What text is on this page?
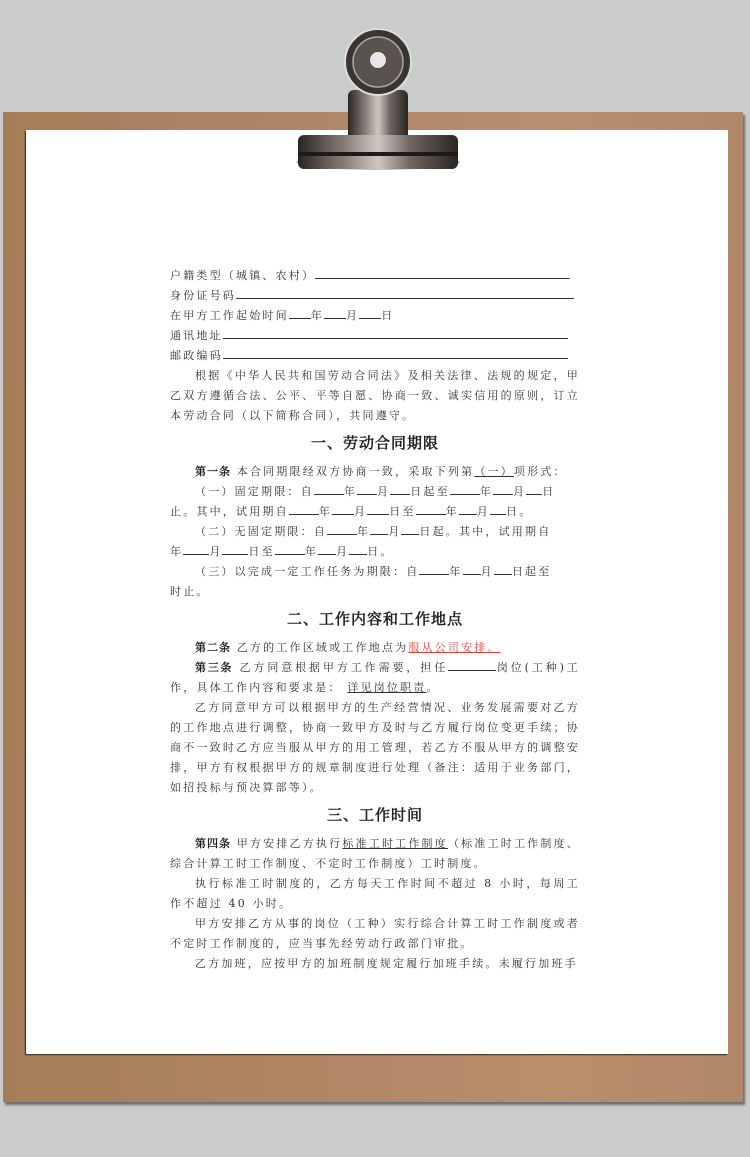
户籍类型（城镇、农村）
身份证号码
在甲方工作起始时间 年 月 日
通讯地址
邮政编码

根据《中华人民共和国劳动合同法》及相关法律、法规的规定，甲乙双方遵循合法、公平、平等自愿、协商一致、诚实信用的原则，订立本劳动合同（以下简称合同），共同遵守。

一、劳动合同期限
第一条 本合同期限经双方协商一致，采取下列第（一）项形式：
（一）固定期限：自	年 月 日起至	年 月 日
止。其中，试用期自	年 月 日至	年 月 日。
（二）无固定期限：自	年 月 日起。其中，试用期自
年 月 日至	年 月 日。
（三）以完成一定工作任务为期限：自	年 月 日起至
时止。
二、工作内容和工作地点
第二条 乙方的工作区域或工作地点为服从公司安排。

第三条 乙方同意根据甲方工作需要，担任	岗位(工种)工作，具体工作内容和要求是： 详见岗位职责。

乙方同意甲方可以根据甲方的生产经营情况、业务发展需要对乙方的工作地点进行调整，协商一致甲方及时与乙方履行岗位变更手续；协商不一致时乙方应当服从甲方的用工管理，若乙方不服从甲方的调整安排，甲方有权根据甲方的规章制度进行处理（备注：适用于业务部门，如招投标与预决算部等）。

三、工作时间

第四条 甲方安排乙方执行标准工时工作制度（标准工时工作制度、综合计算工时工作制度、不定时工作制度）工时制度。

执行标准工时制度的，乙方每天工作时间不超过 8 小时，每周工作不超过 40 小时。

甲方安排乙方从事的岗位（工种）实行综合计算工时工作制度或者不定时工作制度的，应当事先经劳动行政部门审批。

乙方加班，应按甲方的加班制度规定履行加班手续。未履行加班手
